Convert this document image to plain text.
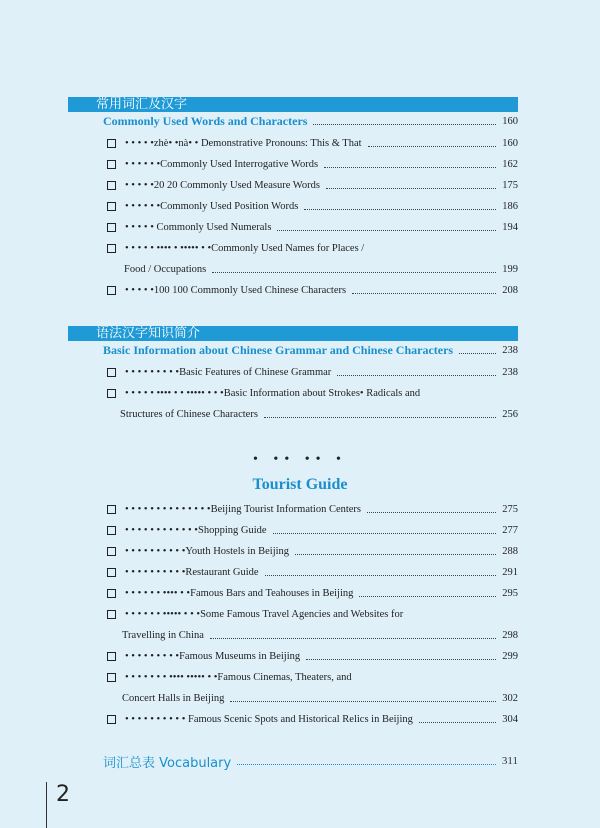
常用词汇及汉字
Commonly Used Words and Characters	160
• • • • •zhè• •nà• • Demonstrative Pronouns: This & That	160
• • • • • •Commonly Used Interrogative Words	162
• • • • •20 20 Commonly Used Measure Words	175
• • • • • •Commonly Used Position Words	186
• • • • • Commonly Used Numerals	194
• • • • • •••• • ••••• • •Commonly Used Names for Places /
Food / Occupations	199
• • • • •100 100 Commonly Used Chinese Characters	208
语法汉字知识简介
Basic Information about Chinese Grammar and Chinese Characters	238
• • • • • • • • •Basic Features of Chinese Grammar	238
• • • • • •••• • • ••••• • • •Basic Information about Strokes• Radicals and
Structures of Chinese Characters	256
• •• •• •
Tourist Guide
• • • • • • • • • • • • • •Beijing Tourist Information Centers	275
• • • • • • • • • • • •Shopping Guide	277
• • • • • • • • • •Youth Hostels in Beijing	288
• • • • • • • • • •Restaurant Guide	291
• • • • • • •••• • •Famous Bars and Teahouses in Beijing	295
• • • • • • ••••• • • •Some Famous Travel Agencies and Websites for
Travelling in China	298
• • • • • • • • •Famous Museums in Beijing	299
• • • • • • • •••• ••••• • •Famous Cinemas, Theaters, and
Concert Halls in Beijing	302
• • • • • • • • • • Famous Scenic Spots and Historical Relics in Beijing	304
词汇总表 Vocabulary	311
2
